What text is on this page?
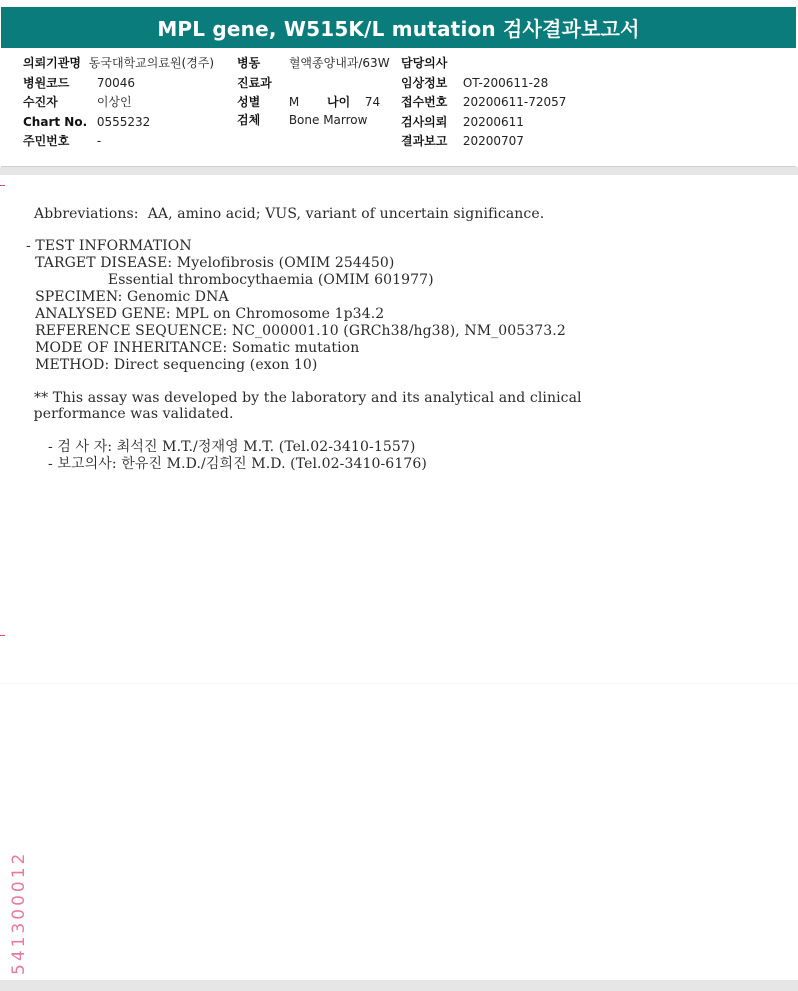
MPL gene, W515K/L mutation 검사결과보고서
의뢰기관명 동국대학교의료원(경주)
병원코드 70046
수진자	이상인
Chart No. 0555232
주민번호 -
병동 혈액종양내과/63W
진료과
성별 M 나이 74
검체 Bone Marrow
담당의사
임상정보 OT-200611-28
접수번호 20200611-72057
검사의뢰 20200611
결과보고 20200707
Abbreviations:  AA, amino acid; VUS, variant of uncertain significance.
- TEST INFORMATION
TARGET DISEASE: Myelofibrosis (OMIM 254450)
Essential thrombocythaemia (OMIM 601977)
SPECIMEN: Genomic DNA
ANALYSED GENE: MPL on Chromosome 1p34.2
REFERENCE SEQUENCE: NC_000001.10 (GRCh38/hg38), NM_005373.2
MODE OF INHERITANCE: Somatic mutation
METHOD: Direct sequencing (exon 10)
** This assay was developed by the laboratory and its analytical and clinical
performance was validated.
- 검 사 자: 최석진 M.T./정재영 M.T. (Tel.02-3410-1557)
- 보고의사: 한유진 M.D./김희진 M.D. (Tel.02-3410-6176)
541300012
